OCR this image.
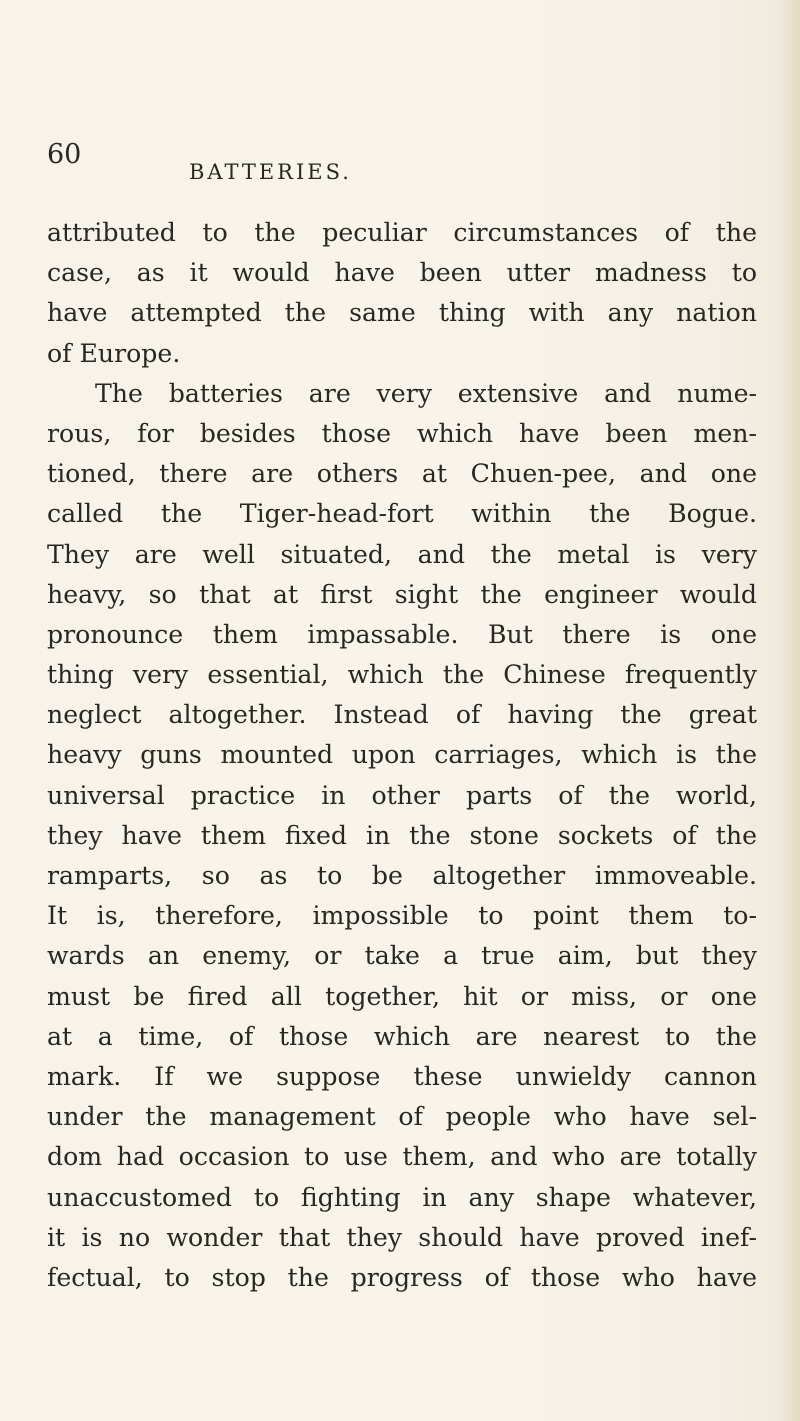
60
BATTERIES.
attributed to the peculiar circumstances of the
case, as it would have been utter madness to
have attempted the same thing with any nation
of Europe.
The batteries are very extensive and nume-
rous, for besides those which have been men-
tioned, there are others at Chuen-pee, and one
called the Tiger-head-fort within the Bogue.
They are well situated, and the metal is very
heavy, so that at first sight the engineer would
pronounce them impassable. But there is one
thing very essential, which the Chinese frequently
neglect altogether. Instead of having the great
heavy guns mounted upon carriages, which is the
universal practice in other parts of the world,
they have them fixed in the stone sockets of the
ramparts, so as to be altogether immoveable.
It is, therefore, impossible to point them to-
wards an enemy, or take a true aim, but they
must be fired all together, hit or miss, or one
at a time, of those which are nearest to the
mark. If we suppose these unwieldy cannon
under the management of people who have sel-
dom had occasion to use them, and who are totally
unaccustomed to fighting in any shape whatever,
it is no wonder that they should have proved inef-
fectual, to stop the progress of those who have
